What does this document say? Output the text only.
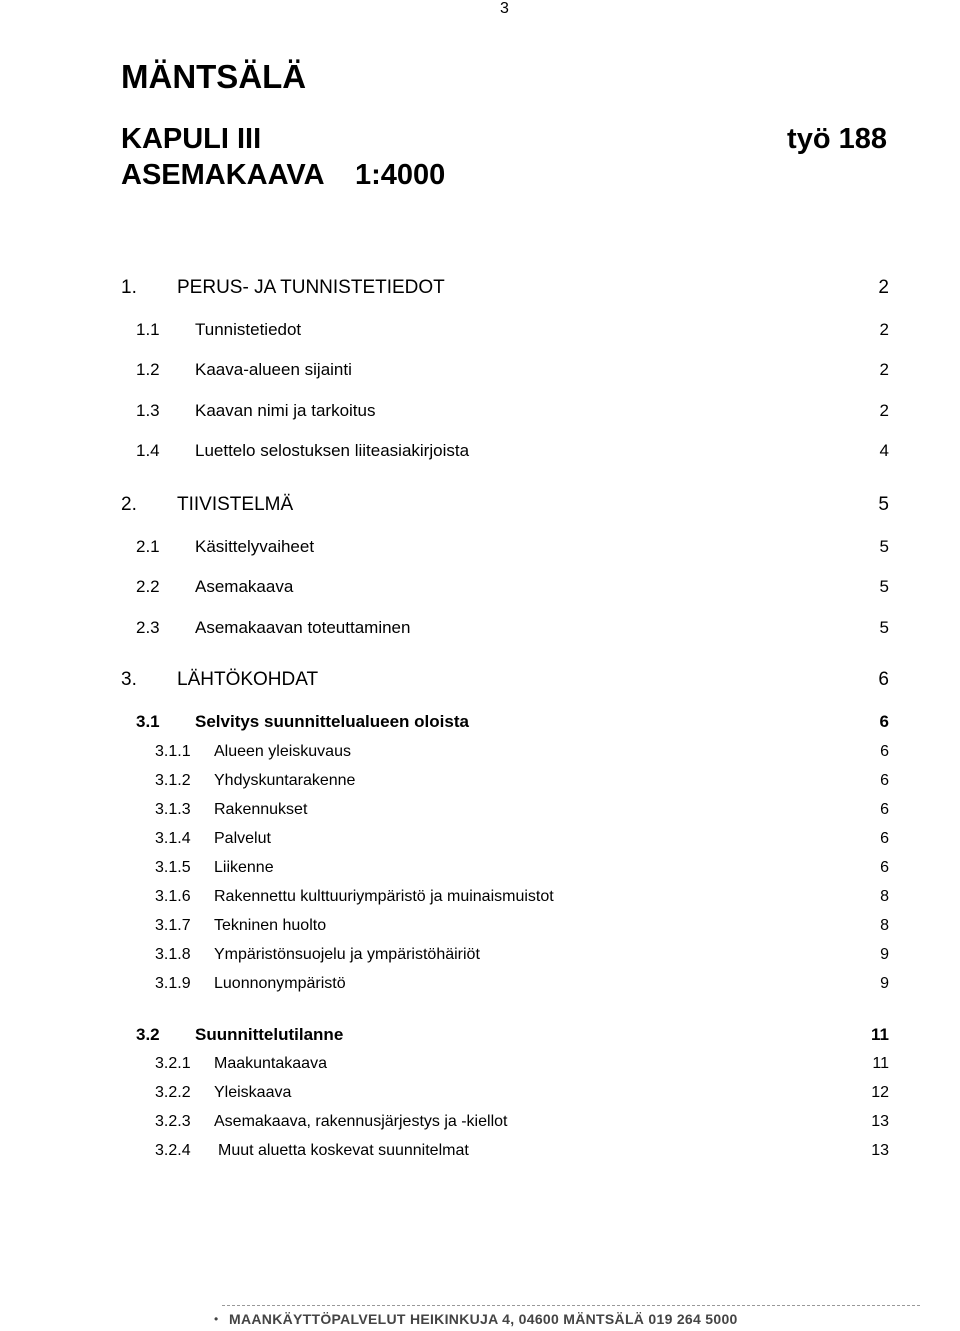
3
MÄNTSÄLÄ
KAPULI III	työ 188
ASEMAKAAVA 1:4000
1. PERUS- JA TUNNISTETIEDOT	2
1.1 Tunnistetiedot	2
1.2 Kaava-alueen sijainti	2
1.3 Kaavan nimi ja tarkoitus	2
1.4 Luettelo selostuksen liiteasiakirjoista	4
2. TIIVISTELMÄ	5
2.1 Käsittelyvaiheet	5
2.2 Asemakaava	5
2.3 Asemakaavan toteuttaminen	5
3. LÄHTÖKOHDAT	6
3.1 Selvitys suunnittelualueen oloista	6
3.1.1 Alueen yleiskuvaus	6
3.1.2 Yhdyskuntarakenne	6
3.1.3 Rakennukset	6
3.1.4 Palvelut	6
3.1.5 Liikenne	6
3.1.6 Rakennettu kulttuuriympäristö ja muinaismuistot	8
3.1.7 Tekninen huolto	8
3.1.8 Ympäristönsuojelu ja ympäristöhäiriöt	9
3.1.9 Luonnonympäristö	9
3.2 Suunnittelutilanne	11
3.2.1 Maakuntakaava	11
3.2.2 Yleiskaava	12
3.2.3 Asemakaava, rakennusjärjestys ja -kiellot	13
3.2.4 Muut aluetta koskevat suunnitelmat	13
• MAANKÄYTTÖPALVELUT HEIKINKUJA 4, 04600 MÄNTSÄLÄ 019 264 5000
